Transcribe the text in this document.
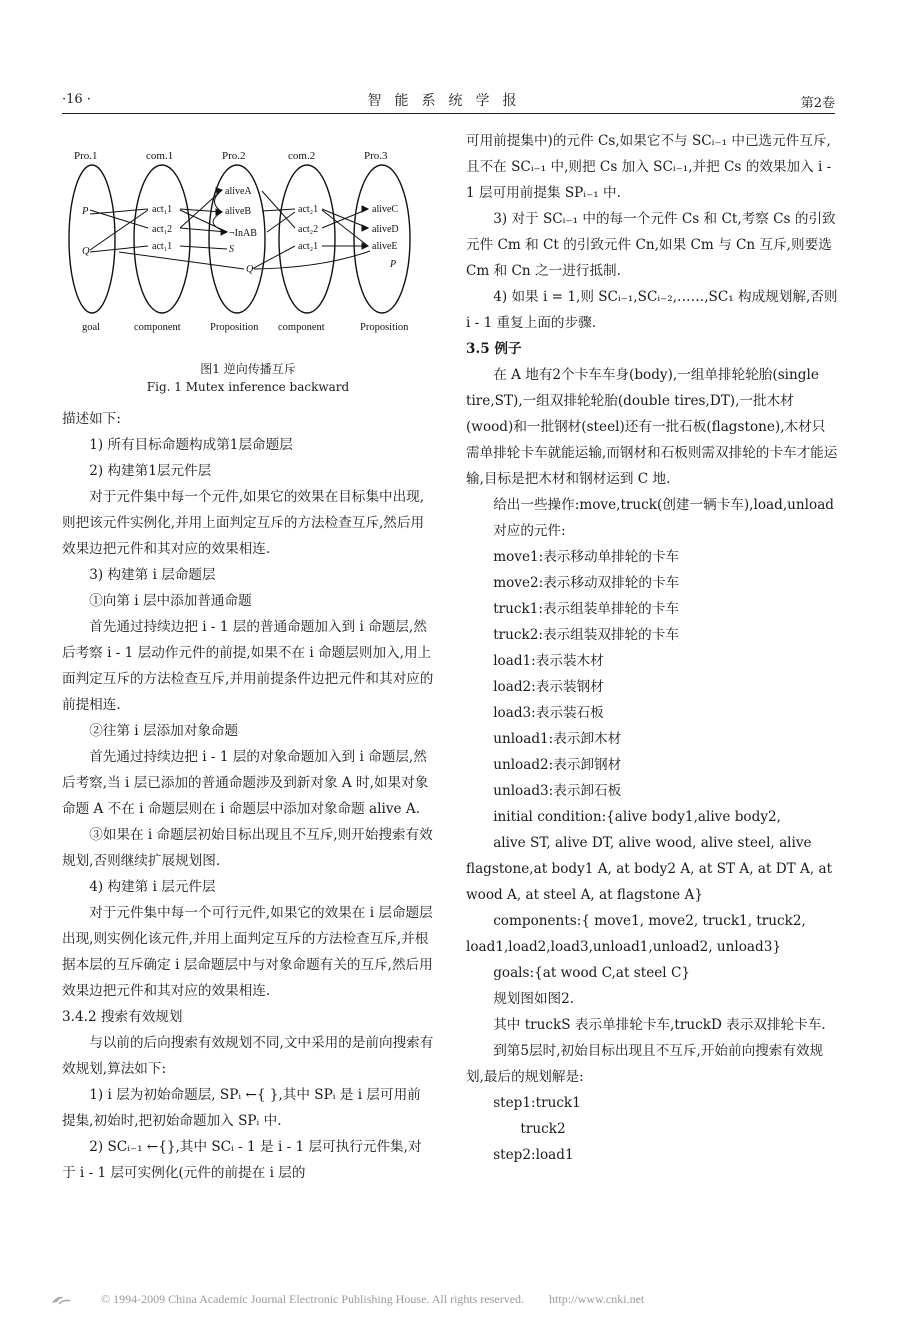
·16 ·	智能系统学报	第2卷
Pro.1	com.1	Pro.2	com.2	Pro.3
P
Q
act₁1
act₁2
act₁1
aliveA
aliveB
¬InAB
S
Q
act₂1
act₂2
act₂1
aliveC
aliveD
aliveE
P
goal	component	Proposition component	Proposition
图1 逆向传播互斥
Fig. 1 Mutex inference backward

描述如下:

1) 所有目标命题构成第1层命题层

2) 构建第1层元件层

对于元件集中每一个元件,如果它的效果在目标集中出现,则把该元件实例化,并用上面判定互斥的方法检查互斥,然后用效果边把元件和其对应的效果相连.

3) 构建第 i 层命题层

①向第 i 层中添加普通命题

首先通过持续边把 i - 1 层的普通命题加入到 i 命题层,然后考察 i - 1 层动作元件的前提,如果不在 i 命题层则加入,用上面判定互斥的方法检查互斥,并用前提条件边把元件和其对应的前提相连.

②往第 i 层添加对象命题

首先通过持续边把 i - 1 层的对象命题加入到 i 命题层,然后考察,当 i 层已添加的普通命题涉及到新对象 A 时,如果对象命题 A 不在 i 命题层则在 i 命题层中添加对象命题 alive A.

③如果在 i 命题层初始目标出现且不互斥,则开始搜索有效规划,否则继续扩展规划图.

4) 构建第 i 层元件层

对于元件集中每一个可行元件,如果它的效果在 i 层命题层出现,则实例化该元件,并用上面判定互斥的方法检查互斥,并根据本层的互斥确定 i 层命题层中与对象命题有关的互斥,然后用效果边把元件和其对应的效果相连.

3.4.2 搜索有效规划

与以前的后向搜索有效规划不同,文中采用的是前向搜索有效规划,算法如下:

1) i 层为初始命题层, SPᵢ ←{ },其中 SPᵢ 是 i 层可用前提集,初始时,把初始命题加入 SPᵢ 中.

2) SCᵢ₋₁ ←{},其中 SCᵢ - 1 是 i - 1 层可执行元件集,对于 i - 1 层可实例化(元件的前提在 i 层的

可用前提集中)的元件 Cs,如果它不与 SCᵢ₋₁ 中已选元件互斥,且不在 SCᵢ₋₁ 中,则把 Cs 加入 SCᵢ₋₁,并把 Cs 的效果加入 i - 1 层可用前提集 SPᵢ₋₁ 中.

3) 对于 SCᵢ₋₁ 中的每一个元件 Cs 和 Ct,考察 Cs 的引致元件 Cm 和 Ct 的引致元件 Cn,如果 Cm 与 Cn 互斥,则要选 Cm 和 Cn 之一进行抵制.

4) 如果 i = 1,则 SCᵢ₋₁,SCᵢ₋₂,……,SC₁ 构成规划解,否则 i - 1 重复上面的步骤.

3.5 例子

在 A 地有2个卡车车身(body),一组单排轮轮胎(single tire,ST),一组双排轮轮胎(double tires,DT),一批木材(wood)和一批钢材(steel)还有一批石板(flagstone),木材只需单排轮卡车就能运输,而钢材和石板则需双排轮的卡车才能运输,目标是把木材和钢材运到 C 地.

给出一些操作:move,truck(创建一辆卡车),load,unload

对应的元件:

move1:表示移动单排轮的卡车

move2:表示移动双排轮的卡车

truck1:表示组装单排轮的卡车

truck2:表示组装双排轮的卡车

load1:表示装木材

load2:表示装钢材

load3:表示装石板

unload1:表示卸木材

unload2:表示卸钢材

unload3:表示卸石板

initial condition:{alive body1,alive body2,

alive ST, alive DT, alive wood, alive steel, alive flagstone,at body1 A, at body2 A, at ST A, at DT A, at wood A, at steel A, at flagstone A}

components:{ move1, move2, truck1, truck2, load1,load2,load3,unload1,unload2, unload3}

goals:{at wood C,at steel C}

规划图如图2.

其中 truckS 表示单排轮卡车,truckD 表示双排轮卡车.

到第5层时,初始目标出现且不互斥,开始前向搜索有效规划,最后的规划解是:

step1:truck1

truck2

step2:load1

© 1994-2009 China Academic Journal Electronic Publishing House. All rights reserved. http://www.cnki.net
